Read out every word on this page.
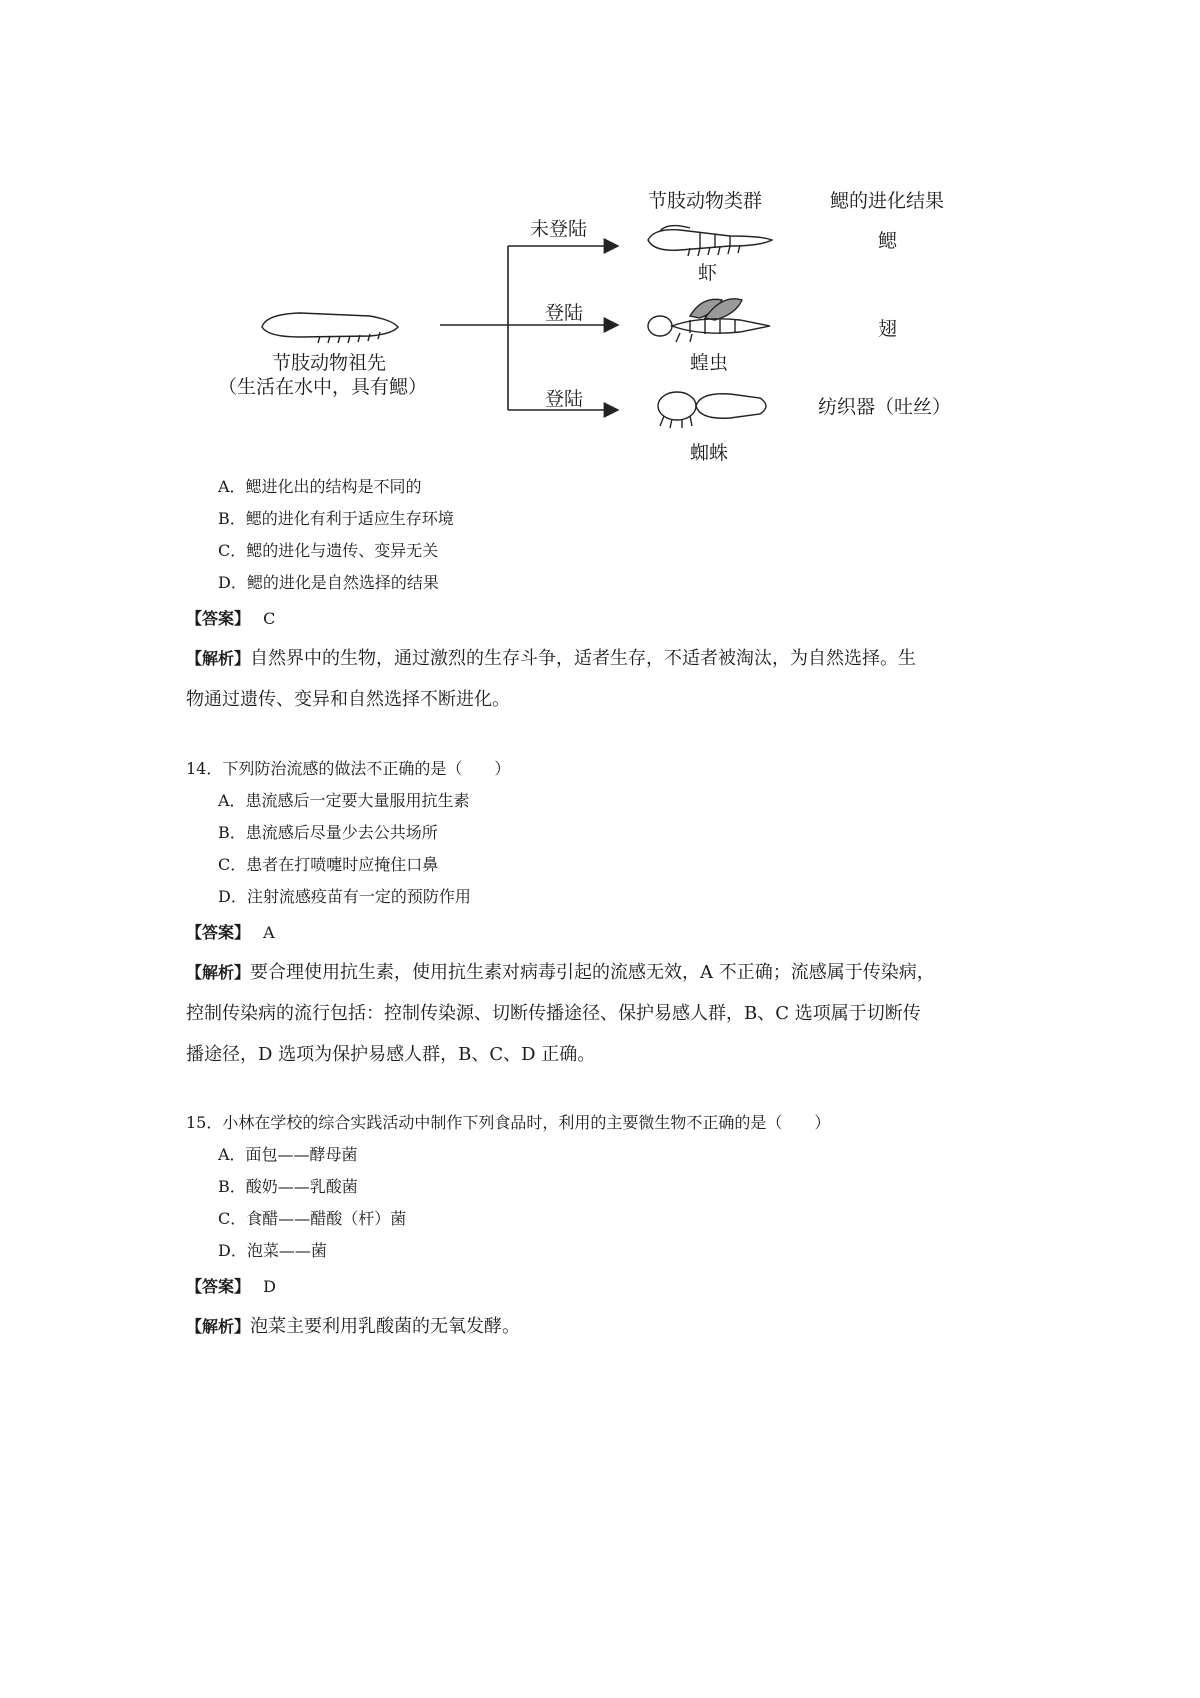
节肢动物类群	鳃的进化结果
未登陆
登陆
登陆
虾
蝗虫
蜘蛛
鳃
翅
纺织器（吐丝）
节肢动物祖先
（生活在水中，具有鳃）
A．鳃进化出的结构是不同的
B．鳃的进化有利于适应生存环境
C．鳃的进化与遗传、变异无关
D．鳃的进化是自然选择的结果
【答案】 C
【解析】自然界中的生物，通过激烈的生存斗争，适者生存，不适者被淘汰，为自然选择。生
物通过遗传、变异和自然选择不断进化。
14．下列防治流感的做法不正确的是（　　）
A．患流感后一定要大量服用抗生素
B．患流感后尽量少去公共场所
C．患者在打喷嚏时应掩住口鼻
D．注射流感疫苗有一定的预防作用
【答案】 A
【解析】要合理使用抗生素，使用抗生素对病毒引起的流感无效，A 不正确；流感属于传染病，
控制传染病的流行包括：控制传染源、切断传播途径、保护易感人群，B、C 选项属于切断传
播途径，D 选项为保护易感人群，B、C、D 正确。
15．小林在学校的综合实践活动中制作下列食品时，利用的主要微生物不正确的是（　　）
A．面包——酵母菌
B．酸奶——乳酸菌
C．食醋——醋酸（杆）菌
D．泡菜——菌
【答案】 D
【解析】泡菜主要利用乳酸菌的无氧发酵。
